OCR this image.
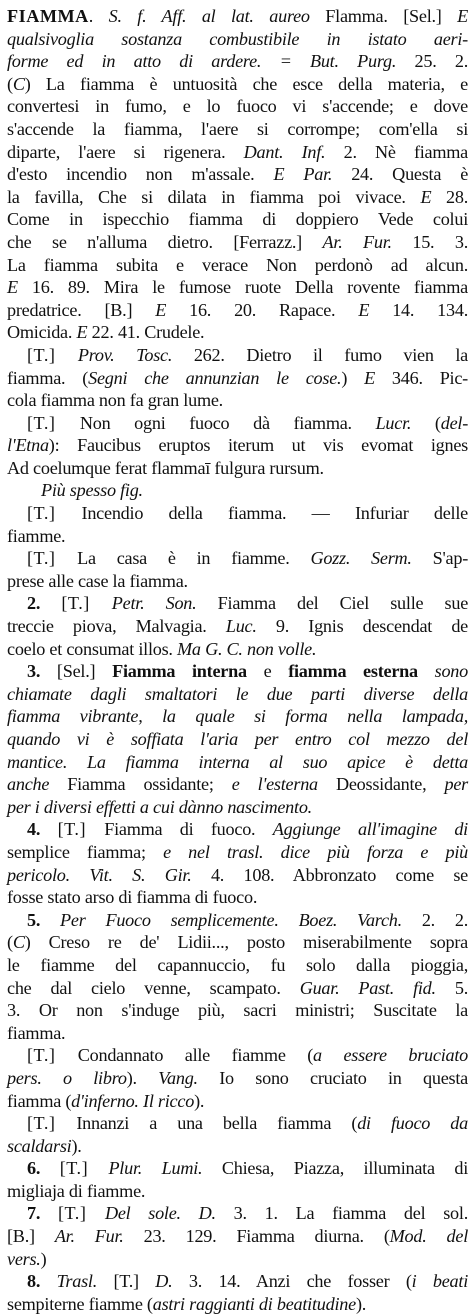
FIAMMA. S. f. Aff. al lat. aureo Flamma. [Sel.] E
qualsivoglia sostanza combustibile in istato aeri-
forme ed in atto di ardere. = But. Purg. 25. 2.
(C) La fiamma è untuosità che esce della materia, e
convertesi in fumo, e lo fuoco vi s'accende; e dove
s'accende la fiamma, l'aere si corrompe; com'ella si
diparte, l'aere si rigenera. Dant. Inf. 2. Nè fiamma
d'esto incendio non m'assale. E Par. 24. Questa è
la favilla, Che si dilata in fiamma poi vivace. E 28.
Come in ispecchio fiamma di doppiero Vede colui
che se n'alluma dietro. [Ferrazz.] Ar. Fur. 15. 3.
La fiamma subita e verace Non perdonò ad alcun.
E 16. 89. Mira le fumose ruote Della rovente fiamma
predatrice. [B.] E 16. 20. Rapace. E 14. 134.
Omicida. E 22. 41. Crudele.
[T.] Prov. Tosc. 262. Dietro il fumo vien la
fiamma. (Segni che annunzian le cose.) E 346. Pic-
cola fiamma non fa gran lume.
[T.] Non ogni fuoco dà fiamma. Lucr. (del-
l'Etna): Faucibus eruptos iterum ut vis evomat ignes
Ad coelumque ferat flammaī fulgura rursum.
Più spesso fig.
[T.] Incendio della fiamma. — Infuriar delle
fiamme.
[T.] La casa è in fiamme. Gozz. Serm. S'ap-
prese alle case la fiamma.
2. [T.] Petr. Son. Fiamma del Ciel sulle sue
treccie piova, Malvagia. Luc. 9. Ignis descendat de
coelo et consumat illos. Ma G. C. non volle.
3. [Sel.] Fiamma interna e fiamma esterna sono
chiamate dagli smaltatori le due parti diverse della
fiamma vibrante, la quale si forma nella lampada,
quando vi è soffiata l'aria per entro col mezzo del
mantice. La fiamma interna al suo apice è detta
anche Fiamma ossidante; e l'esterna Deossidante, per
per i diversi effetti a cui dànno nascimento.
4. [T.] Fiamma di fuoco. Aggiunge all'imagine di
semplice fiamma; e nel trasl. dice più forza e più
pericolo. Vit. S. Gir. 4. 108. Abbronzato come se
fosse stato arso di fiamma di fuoco.
5. Per Fuoco semplicemente. Boez. Varch. 2. 2.
(C) Creso re de' Lidii..., posto miserabilmente sopra
le fiamme del capannuccio, fu solo dalla pioggia,
che dal cielo venne, scampato. Guar. Past. fid. 5.
3. Or non s'induge più, sacri ministri; Suscitate la
fiamma.
[T.] Condannato alle fiamme (a essere bruciato
pers. o libro). Vang. Io sono cruciato in questa
fiamma (d'inferno. Il ricco).
[T.] Innanzi a una bella fiamma (di fuoco da
scaldarsi).
6. [T.] Plur. Lumi. Chiesa, Piazza, illuminata di
migliaja di fiamme.
7. [T.] Del sole. D. 3. 1. La fiamma del sol.
[B.] Ar. Fur. 23. 129. Fiamma diurna. (Mod. del
vers.)
8. Trasl. [T.] D. 3. 14. Anzi che fosser (i beati
sempiterne fiamme (astri raggianti di beatitudine).
